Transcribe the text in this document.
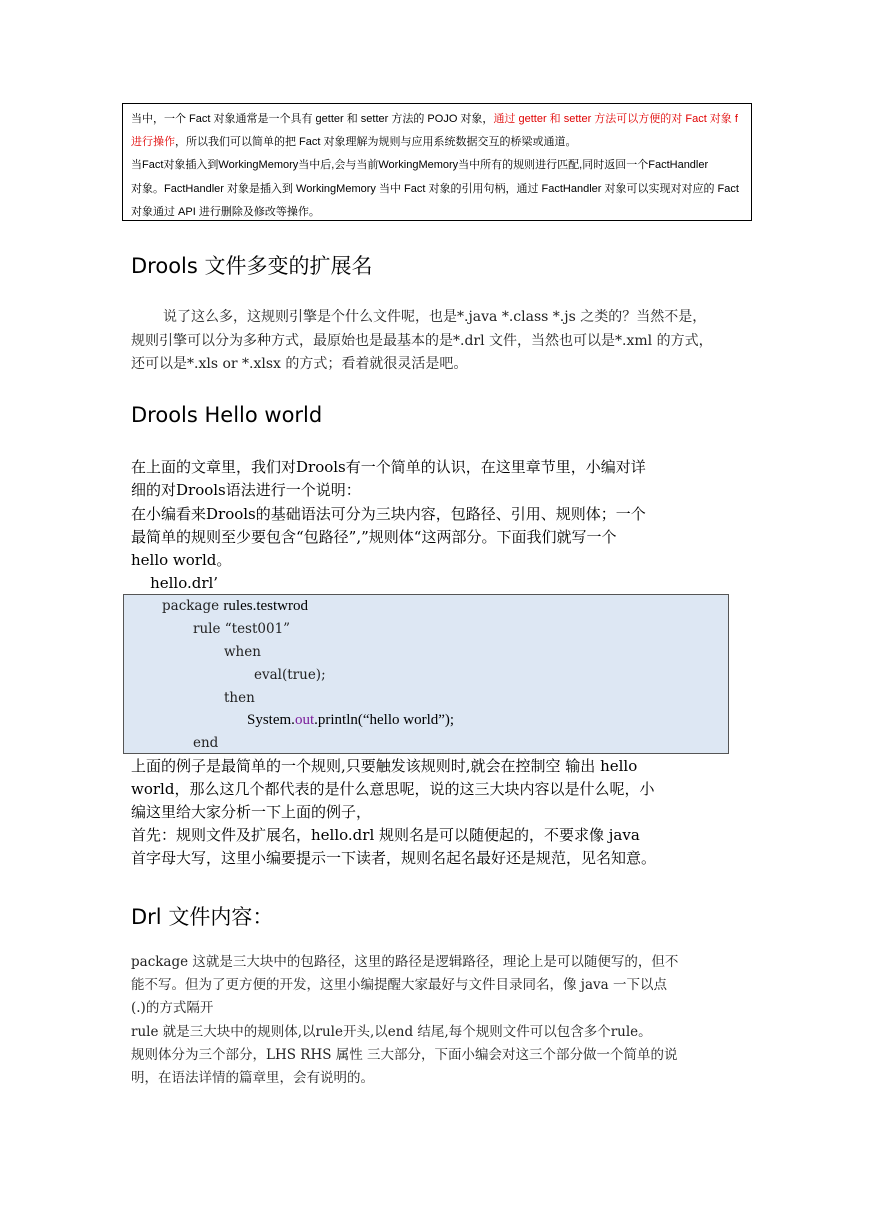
当中，一个 Fact 对象通常是一个具有 getter 和 setter 方法的 POJO 对象，通过 getter 和 setter 方法可以方便的对 Fact 对象 f

进行操作，所以我们可以简单的把 Fact 对象理解为规则与应用系统数据交互的桥梁或通道。

当Fact对象插入到WorkingMemory当中后,会与当前WorkingMemory当中所有的规则进行匹配,同时返回一个FactHandler

对象。FactHandler 对象是插入到 WorkingMemory 当中 Fact 对象的引用句柄，通过 FactHandler 对象可以实现对对应的 Fact

对象通过 API 进行删除及修改等操作。

Drools 文件多变的扩展名
说了这么多，这规则引擎是个什么文件呢，也是*.java *.class *.js 之类的？当然不是，
规则引擎可以分为多种方式，最原始也是最基本的是*.drl 文件，当然也可以是*.xml 的方式，
还可以是*.xls or *.xlsx 的方式；看着就很灵活是吧。
Drools Hello world
在上面的文章里，我们对Drools有一个简单的认识，在这里章节里，小编对详
细的对Drools语法进行一个说明：
在小编看来Drools的基础语法可分为三块内容，包路径、引用、规则体；一个
最简单的规则至少要包含“包路径”,”规则体“这两部分。下面我们就写一个
hello world。
hello.drl’
package rules.testwrod
rule “test001”
when
eval(true);
then
System.out.println(“hello world”);
end
上面的例子是最简单的一个规则,只要触发该规则时,就会在控制空 输出 hello
world，那么这几个都代表的是什么意思呢，说的这三大块内容以是什么呢，小
编这里给大家分析一下上面的例子，
首先：规则文件及扩展名，hello.drl 规则名是可以随便起的，不要求像 java
首字母大写，这里小编要提示一下读者，规则名起名最好还是规范，见名知意。
Drl 文件内容：
package 这就是三大块中的包路径，这里的路径是逻辑路径，理论上是可以随便写的，但不
能不写。但为了更方便的开发，这里小编提醒大家最好与文件目录同名，像 java 一下以点
(.)的方式隔开
rule 就是三大块中的规则体,以rule开头,以end 结尾,每个规则文件可以包含多个rule。
规则体分为三个部分，LHS RHS 属性 三大部分，下面小编会对这三个部分做一个简单的说
明，在语法详情的篇章里，会有说明的。
